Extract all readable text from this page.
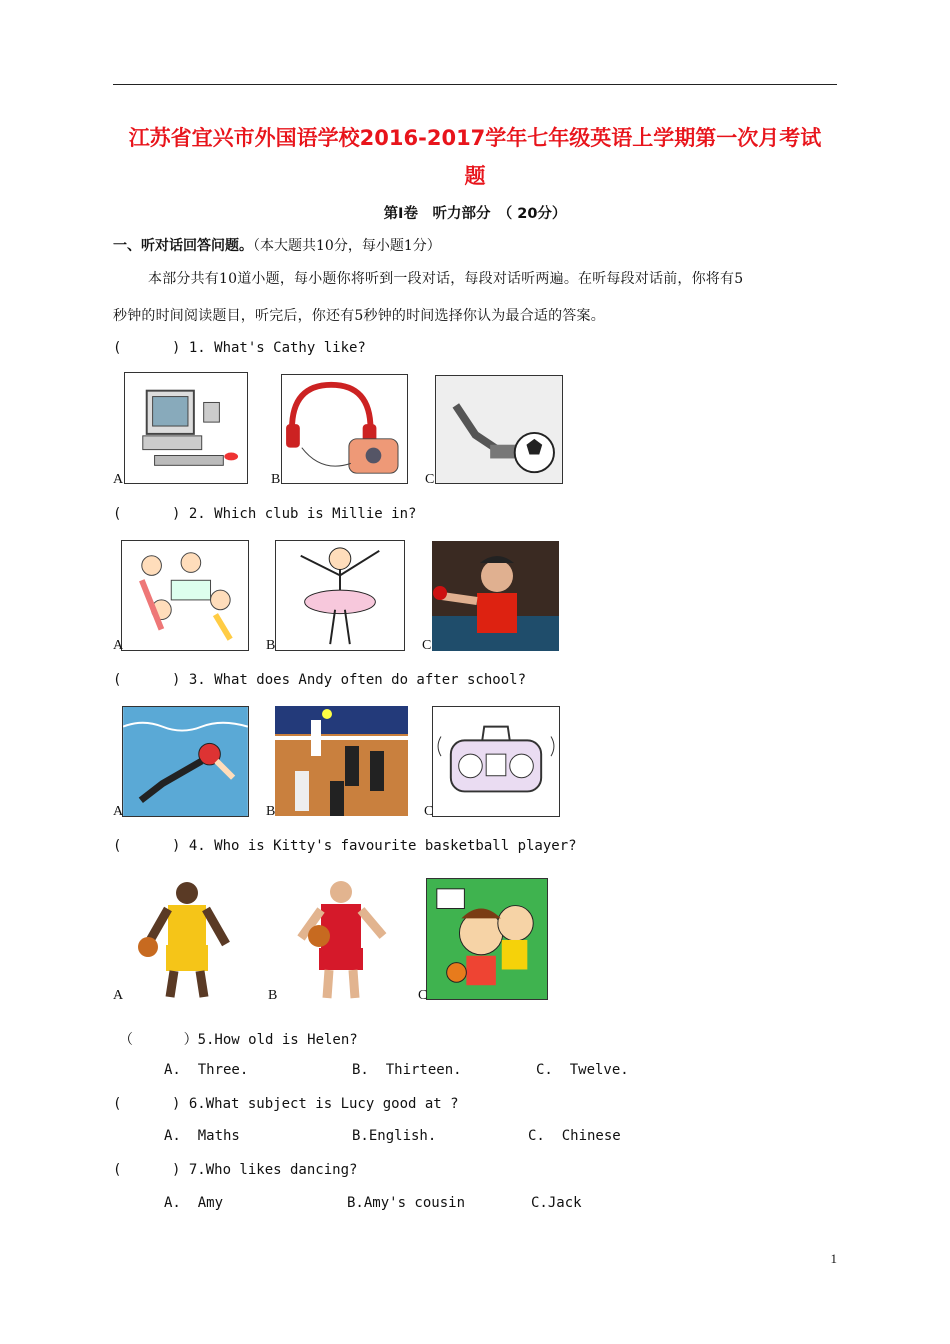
江苏省宜兴市外国语学校2016-2017学年七年级英语上学期第一次月考试
题
第Ⅰ卷　听力部分　（ 20分）
一、听对话回答问题。（本大题共10分，每小题1分）
本部分共有10道小题，每小题你将听到一段对话，每段对话听两遍。在听每段对话前，你将有5
秒钟的时间阅读题目，听完后，你还有5秒钟的时间选择你认为最合适的答案。
(      ) 1. What's Cathy like?
A	B	C
(      ) 2. Which club is Millie in?
A	B	C
(      ) 3. What does Andy often do after school?
A	B	C
(      ) 4. Who is Kitty's favourite basketball player?
A	B	C
（      ）5.How old is Helen?
A.  Three.	B.  Thirteen.	C.  Twelve.
(      ) 6.What subject is Lucy good at ?
A.  Maths	B.English.	C.  Chinese
(      ) 7.Who likes dancing?
A.  Amy	B.Amy's cousin	C.Jack
1
